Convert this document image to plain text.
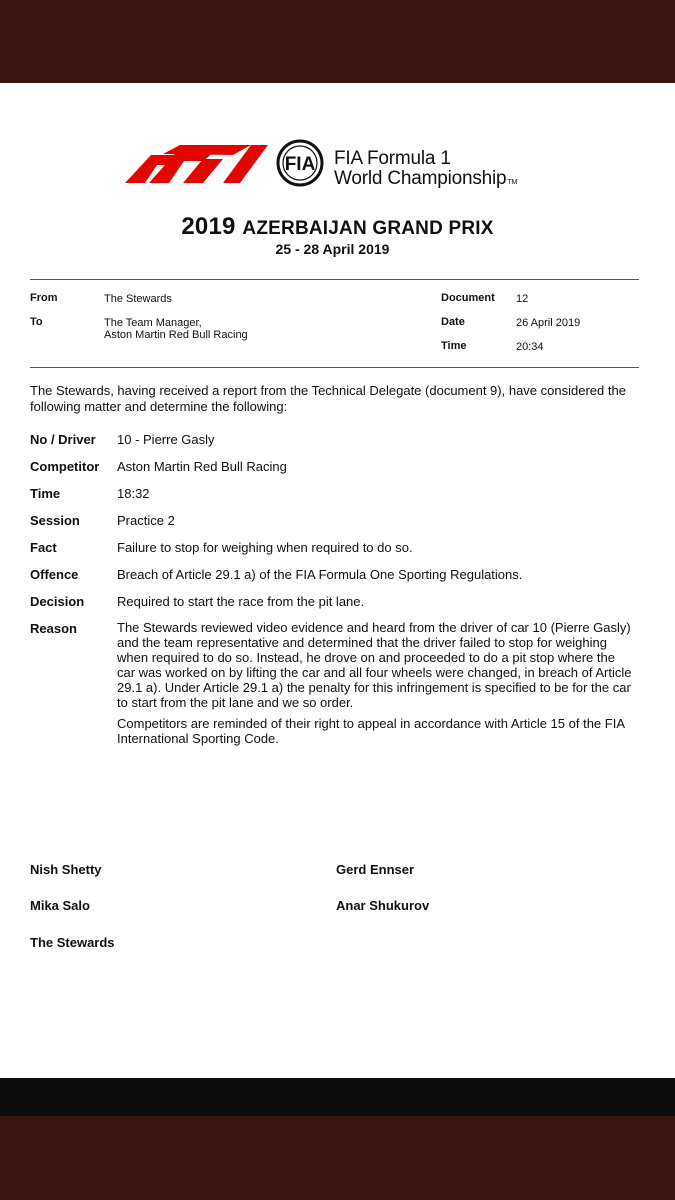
FIA FIA Formula 1
World ChampionshipTM
2019 AZERBAIJAN GRAND PRIX
25 - 28 April 2019
From	The Stewards
To	The Team Manager,
Aston Martin Red Bull Racing
Document 12
Date	26 April 2019
Time	20:34
The Stewards, having received a report from the Technical Delegate (document 9), have considered the following matter and determine the following:
No / Driver 10 - Pierre Gasly
Competitor Aston Martin Red Bull Racing
Time	18:32
Session	Practice 2
Fact	Failure to stop for weighing when required to do so.
Offence	Breach of Article 29.1 a) of the FIA Formula One Sporting Regulations.
Decision	Required to start the race from the pit lane.
Reason	The Stewards reviewed video evidence and heard from the driver of car 10 (Pierre Gasly) and the team representative and determined that the driver failed to stop for weighing when required to do so. Instead, he drove on and proceeded to do a pit stop where the car was worked on by lifting the car and all four wheels were changed, in breach of Article 29.1 a). Under Article 29.1 a) the penalty for this infringement is specified to be for the car to start from the pit lane and we so order.

Competitors are reminded of their right to appeal in accordance with Article 15 of the FIA International Sporting Code.

Nish Shetty	Gerd Ennser
Mika Salo	Anar Shukurov
The Stewards
